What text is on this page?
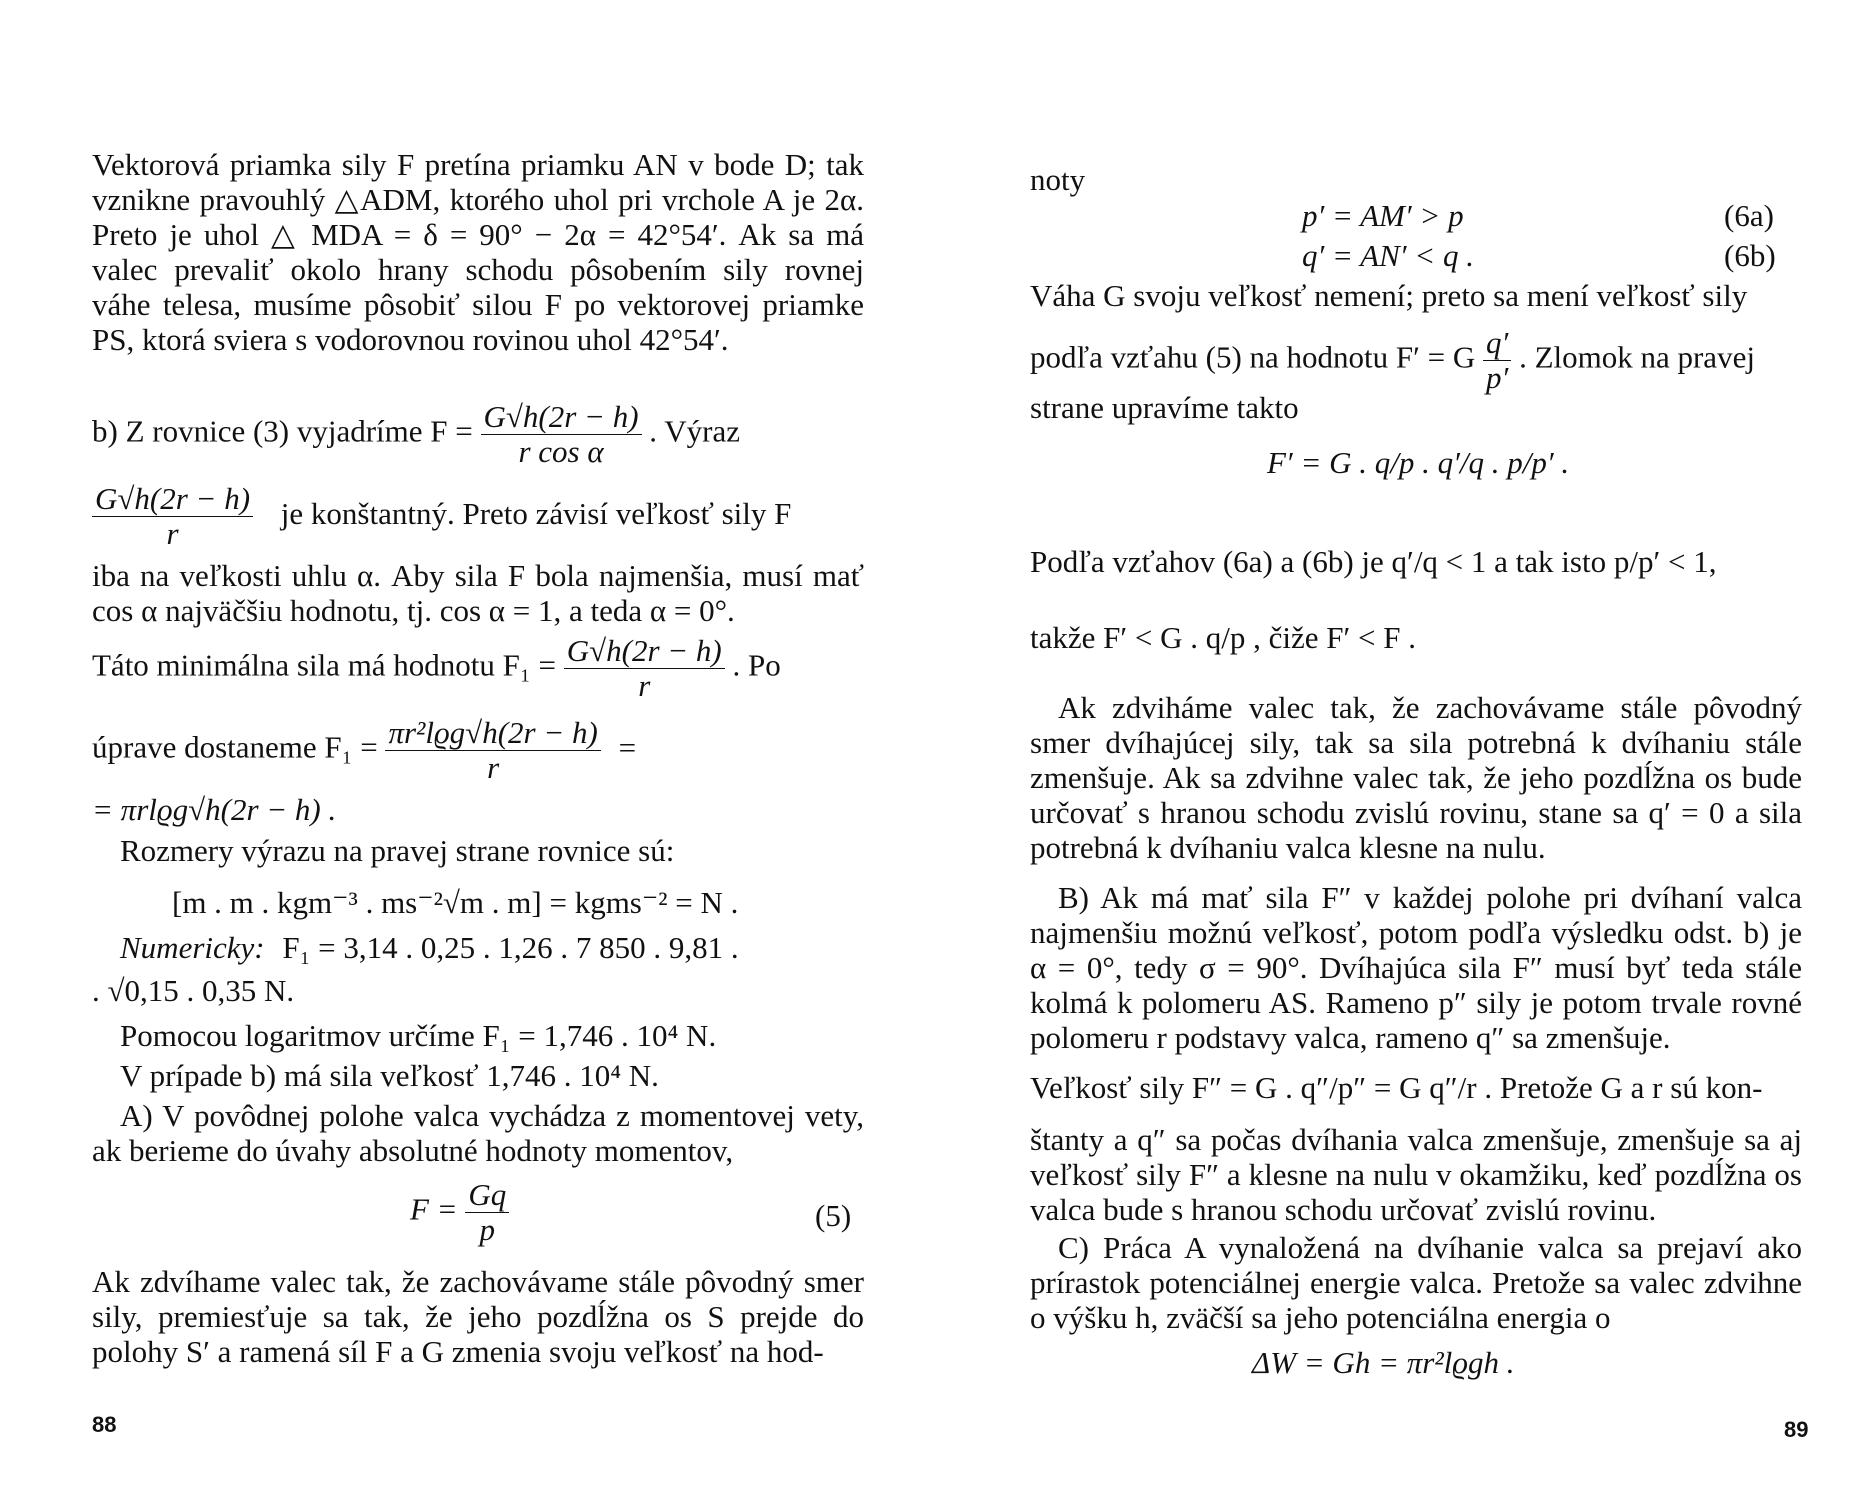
Vektorová priamka sily F pretína priamku AN v bode D; tak vznikne pravouhlý △ADM, ktorého uhol pri vrchole A je 2α. Preto je uhol △ MDA = δ = 90° − 2α = 42°54′. Ak sa má valec prevaliť okolo hrany schodu pôsobením sily rovnej váhe telesa, musíme pôsobiť silou F po vektorovej priamke PS, ktorá sviera s vodorovnou rovinou uhol 42°54′.
b) Z rovnice (3) vyjadríme $F = \frac{G√h(2r - h)}{\text{r cos α}}$ . Výraz
$\frac{G√h(2r - h)}{r}$ je konštantný. Preto závisí veľkosť sily F
iba na veľkosti uhlu α. Aby sila F bola najmenšia, musí mať cos α najväčšiu hodnotu, tj. cos α = 1, a teda α = 0°.
Táto minimálna sila má hodnotu $F_1 = \frac{G√h(2r - h)}{r}$ . Po
úprave dostaneme $F_1 = \frac{\text{πr²lϱg√h(2r − h)}}{r}$ =
= πrlϱg√h(2r − h) .
Rozmery výrazu na pravej strane rovnice sú:
[m . m . kgm⁻³ . ms⁻²√m . m] = kgms⁻² = N .
Numericky: F₁ = 3,14 . 0,25 . 1,26 . 7 850 . 9,81 .
. √0,15 . 0,35 N.
Pomocou logaritmov určíme F₁ = 1,746 . 10⁴ N.
V prípade b) má sila veľkosť 1,746 . 10⁴ N.
A) V povôdnej polohe valca vychádza z momentovej vety, ak berieme do úvahy absolutné hodnoty momentov,
$F = \frac{Gq}{p}$	(5)
Ak zdvíhame valec tak, že zachovávame stále pôvodný smer sily, premiesťuje sa tak, že jeho pozdĺžna os S prejde do polohy S′ a ramená síl F a G zmenia svoju veľkosť na hod-
88
noty
p′ = AM′ > p	(6a)
q′ = AN′ < q .	(6b)
Váha G svoju veľkosť nemení; preto sa mení veľkosť sily
podľa vzťahu (5) na hodnotu F′ = G $\frac{q'}{p'}$ . Zlomok na pravej
strane upravíme takto
F′ = G . q/p . q′/q . p/p′ .
Podľa vzťahov (6a) a (6b) je q′/q < 1 a tak isto p/p′ < 1,
takže F′ < G . q/p , čiže F′ < F .
Ak zdviháme valec tak, že zachovávame stále pôvodný smer dvíhajúcej sily, tak sa sila potrebná k dvíhaniu stále zmenšuje. Ak sa zdvihne valec tak, že jeho pozdĺžna os bude určovať s hranou schodu zvislú rovinu, stane sa q′ = 0 a sila potrebná k dvíhaniu valca klesne na nulu.
B) Ak má mať sila F″ v každej polohe pri dvíhaní valca najmenšiu možnú veľkosť, potom podľa výsledku odst. b) je α = 0°, tedy σ = 90°. Dvíhajúca sila F″ musí byť teda stále kolmá k polomeru AS. Rameno p″ sily je potom trvale rovné polomeru r podstavy valca, rameno q″ sa zmenšuje.
Veľkosť sily F″ = G . q″/p″ = G q″/r . Pretože G a r sú kon-
štanty a q″ sa počas dvíhania valca zmenšuje, zmenšuje sa aj veľkosť sily F″ a klesne na nulu v okamžiku, keď pozdĺžna os valca bude s hranou schodu určovať zvislú rovinu.
C) Práca A vynaložená na dvíhanie valca sa prejaví ako prírastok potenciálnej energie valca. Pretože sa valec zdvihne o výšku h, zväčší sa jeho potenciálna energia o
ΔW = Gh = πr²lϱgh .
89
